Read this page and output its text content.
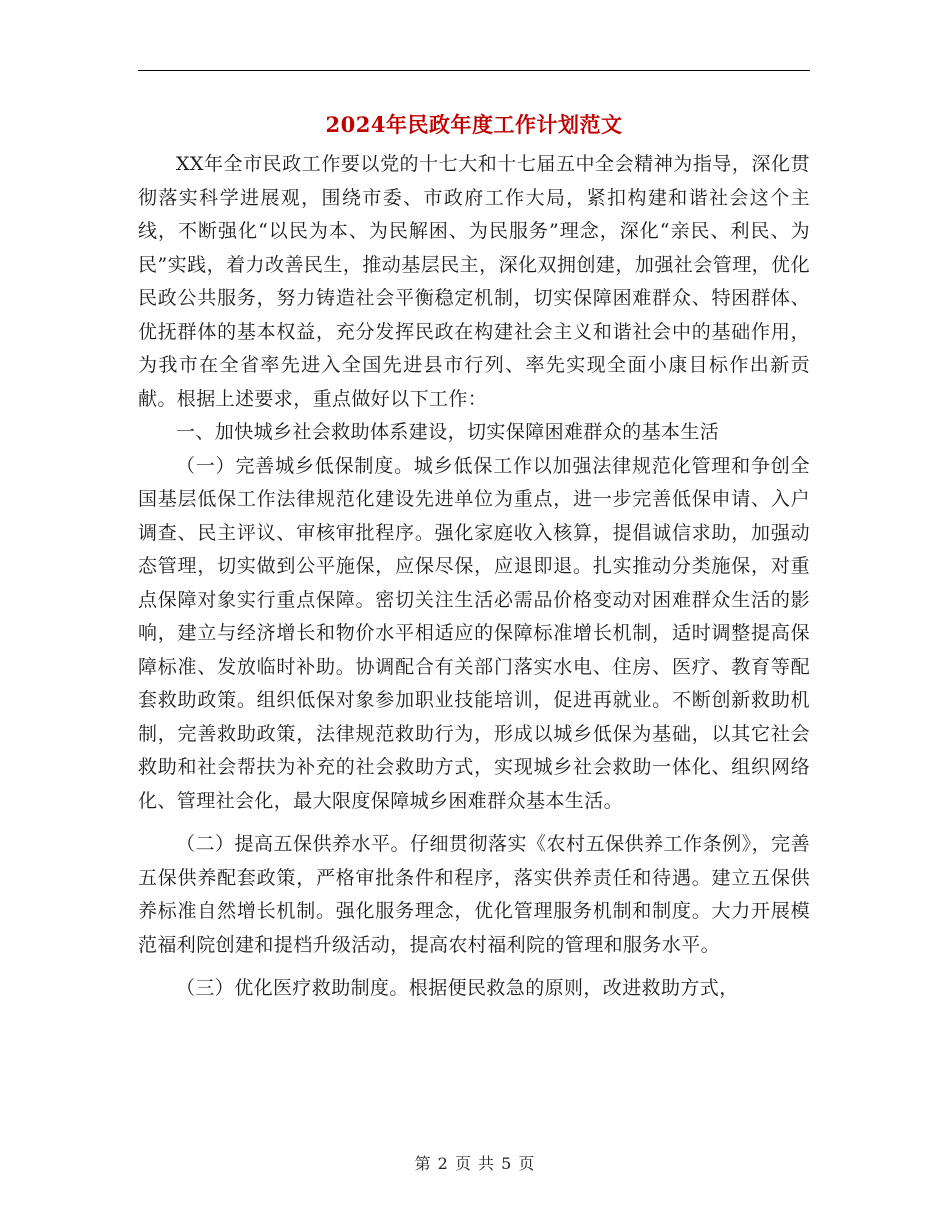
2024年民政年度工作计划范文

XX年全市民政工作要以党的十七大和十七届五中全会精神为指导，深化贯彻落实科学进展观，围绕市委、市政府工作大局，紧扣构建和谐社会这个主线，不断强化“以民为本、为民解困、为民服务”理念，深化“亲民、利民、为民”实践，着力改善民生，推动基层民主，深化双拥创建，加强社会管理，优化民政公共服务，努力铸造社会平衡稳定机制，切实保障困难群众、特困群体、优抚群体的基本权益，充分发挥民政在构建社会主义和谐社会中的基础作用，为我市在全省率先进入全国先进县市行列、率先实现全面小康目标作出新贡献。根据上述要求，重点做好以下工作：

一、加快城乡社会救助体系建设，切实保障困难群众的基本生活

（一）完善城乡低保制度。城乡低保工作以加强法律规范化管理和争创全国基层低保工作法律规范化建设先进单位为重点，进一步完善低保申请、入户调查、民主评议、审核审批程序。强化家庭收入核算，提倡诚信求助，加强动态管理，切实做到公平施保，应保尽保，应退即退。扎实推动分类施保，对重点保障对象实行重点保障。密切关注生活必需品价格变动对困难群众生活的影响，建立与经济增长和物价水平相适应的保障标准增长机制，适时调整提高保障标准、发放临时补助。协调配合有关部门落实水电、住房、医疗、教育等配套救助政策。组织低保对象参加职业技能培训，促进再就业。不断创新救助机制，完善救助政策，法律规范救助行为，形成以城乡低保为基础，以其它社会救助和社会帮扶为补充的社会救助方式，实现城乡社会救助一体化、组织网络化、管理社会化，最大限度保障城乡困难群众基本生活。

（二）提高五保供养水平。仔细贯彻落实《农村五保供养工作条例》，完善五保供养配套政策，严格审批条件和程序，落实供养责任和待遇。建立五保供养标准自然增长机制。强化服务理念，优化管理服务机制和制度。大力开展模范福利院创建和提档升级活动，提高农村福利院的管理和服务水平。

（三）优化医疗救助制度。根据便民救急的原则，改进救助方式，

第 2 页 共 5 页
